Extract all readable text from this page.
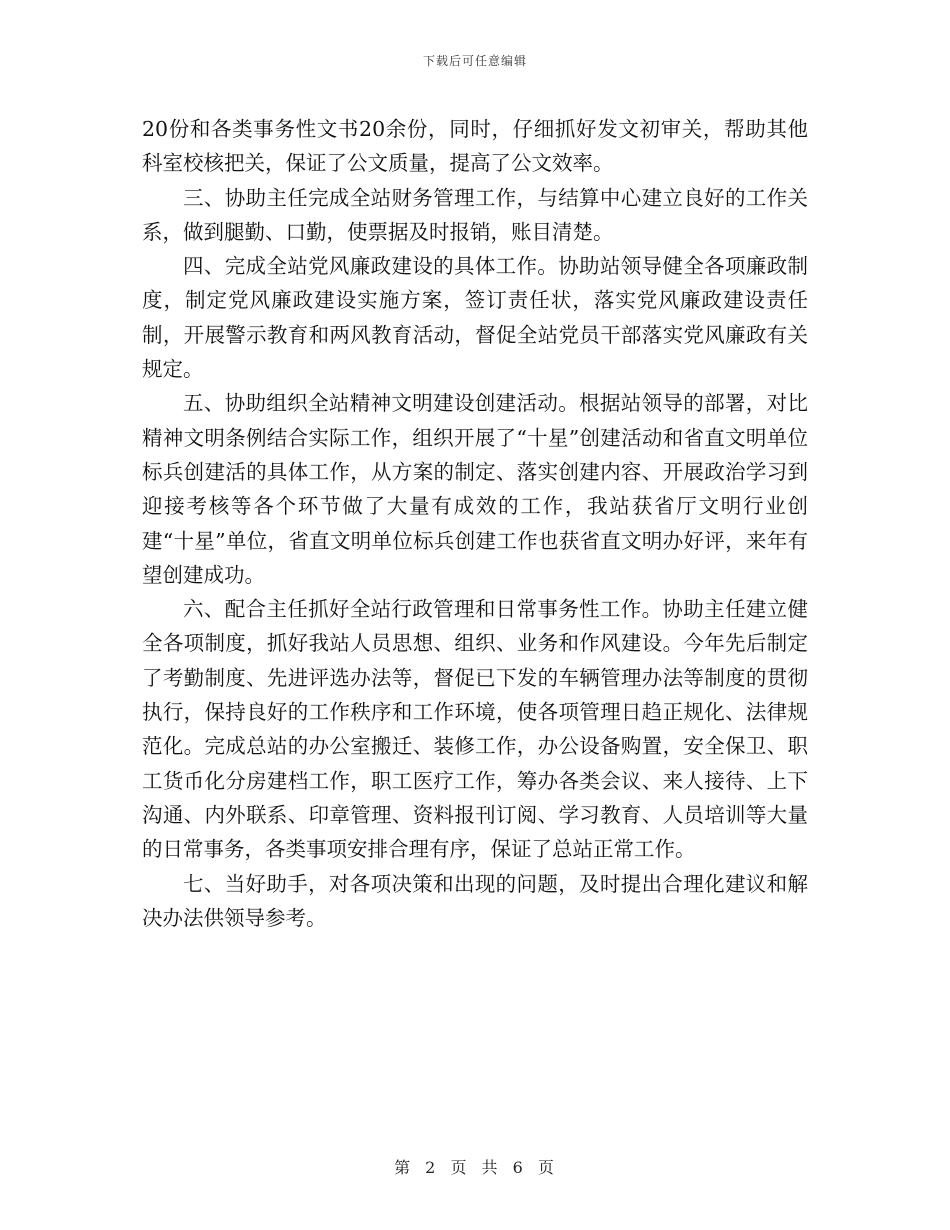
下载后可任意编辑

20份和各类事务性文书20余份，同时，仔细抓好发文初审关，帮助其他科室校核把关，保证了公文质量，提高了公文效率。

三、协助主任完成全站财务管理工作，与结算中心建立良好的工作关系，做到腿勤、口勤，使票据及时报销，账目清楚。

四、完成全站党风廉政建设的具体工作。协助站领导健全各项廉政制度，制定党风廉政建设实施方案，签订责任状，落实党风廉政建设责任制，开展警示教育和两风教育活动，督促全站党员干部落实党风廉政有关规定。

五、协助组织全站精神文明建设创建活动。根据站领导的部署，对比精神文明条例结合实际工作，组织开展了“十星”创建活动和省直文明单位标兵创建活的具体工作，从方案的制定、落实创建内容、开展政治学习到迎接考核等各个环节做了大量有成效的工作，我站获省厅文明行业创建“十星”单位，省直文明单位标兵创建工作也获省直文明办好评，来年有望创建成功。

六、配合主任抓好全站行政管理和日常事务性工作。协助主任建立健全各项制度，抓好我站人员思想、组织、业务和作风建设。今年先后制定了考勤制度、先进评选办法等，督促已下发的车辆管理办法等制度的贯彻执行，保持良好的工作秩序和工作环境，使各项管理日趋正规化、法律规范化。完成总站的办公室搬迁、装修工作，办公设备购置，安全保卫、职工货币化分房建档工作，职工医疗工作，筹办各类会议、来人接待、上下沟通、内外联系、印章管理、资料报刊订阅、学习教育、人员培训等大量的日常事务，各类事项安排合理有序，保证了总站正常工作。

七、当好助手，对各项决策和出现的问题，及时提出合理化建议和解决办法供领导参考。

第 2 页 共 6 页
